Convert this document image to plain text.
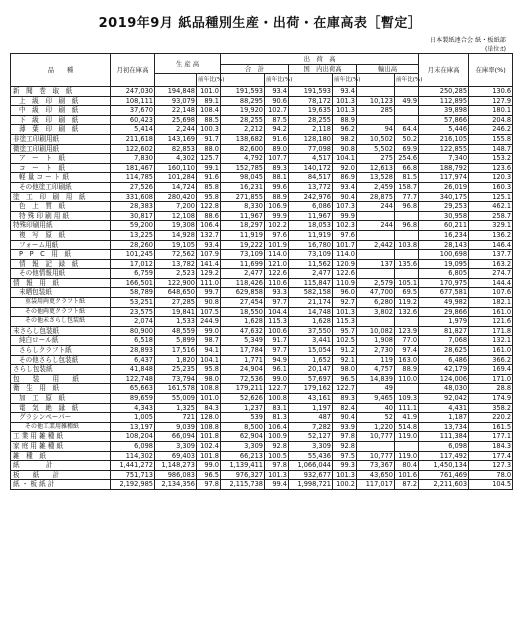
2019年9月 紙品種別生産・出荷・在庫高表［暫定］
日本製紙連合会 紙・板紙部
(単位:t)
品　　種	月初在庫高	生 産 高		出　荷　高						月末在庫高	在庫率(%)
				合　計		国　内出荷高		輸出高			
			前年比(%)		前年比(%)		前年比(%)		前年比(%)		
新　聞　巻　取　紙	247,030	194,848	101.0	191,593	93.4	191,593	93.4			250,285	130.6
上　級　印　刷　紙	108,111	93,079	89.1	88,295	90.6	78,172	101.3	10,123	49.9	112,895	127.9
中　級　印　刷　紙	37,670	22,148	108.4	19,920	102.7	19,635	101.3	285		39,898	180.1
下　級　印　刷　紙	60,423	25,698	88.5	28,255	87.5	28,255	88.9			57,866	204.8
薄　葉　印　刷　紙	5,414	2,244	100.3	2,212	94.2	2,118	96.2	94	64.4	5,446	246.2
非塗工印刷用紙	211,618	143,169	91.7	138,682	91.6	128,180	98.2	10,502	50.2	216,105	155.8
微塗工印刷用紙	122,602	82,853	88.0	82,600	89.0	77,098	90.8	5,502	69.9	122,855	148.7
ア　ー　ト　紙	7,830	4,302	125.7	4,792	107.7	4,517	104.1	275	254.6	7,340	153.2
コ　ー　ト　紙	181,467	160,110	99.1	152,785	89.3	140,172	92.0	12,613	66.8	188,792	123.6
軽 量 コ ー ト 紙	114,785	101,284	91.6	98,045	88.1	84,517	86.9	13,528	81.5	117,974	120.3
その他塗工印刷紙	27,526	14,724	85.8	16,231	99.6	13,772	93.4	2,459	158.7	26,019	160.3
塗　工　印　刷　用　紙	331,608	280,420	95.8	271,855	88.9	242,976	90.4	28,875	77.7	340,175	125.1
色　上　質　紙	28,383	7,200	122.8	8,330	106.9	6,086	107.3	244	96.8	29,253	462.1
特 殊 印 刷 用 紙	30,817	12,108	88.6	11,967	99.9	11,967	99.9			30,958	258.7
特殊印刷用紙	59,200	19,308	106.4	18,297	102.2	18,053	102.3	244	96.8	60,211	329.1
複　写　原　紙	13,225	14,928	132.7	11,919	97.6	11,919	97.6			16,234	136.2
フォーム用紙	28,260	19,105	93.4	19,222	101.9	16,780	101.7	2,442	103.8	28,143	146.4
P　P　C　用　紙	101,245	72,562	107.9	73,109	114.0	73,109	114.0			100,698	137.7
情　報　記　録　紙	17,012	13,782	141.4	11,699	121.0	11,562	120.9	137	135.6	19,095	163.2
その他情報用紙	6,759	2,523	129.2	2,477	122.6	2,477	122.6			6,805	274.7
情　報　用　紙	166,501	122,900	111.0	118,426	110.6	115,847	110.9	2,579	105.1	170,975	144.4
未晒包装紙	58,789	648,650	99.7	629,858	93.3	582,158	96.0	47,700	69.5	677,581	107.6
重袋用両更クラフト紙	53,251	27,285	90.8	27,454	97.7	21,174	92.7	6,280	119.2	49,982	182.1
その他両更クラフト紙	23,575	19,841	107.5	18,550	104.4	14,748	101.3	3,802	132.6	29,866	161.0
その他未さらし包装紙	2,074	1,533	244.9	1,628	115.3	1,628	115.3			1,979	121.6
未さらし包装紙	80,900	48,559	99.0	47,632	100.6	37,550	95.7	10,082	123.9	81,827	171.8
純白ロール紙	6,518	5,899	98.7	5,349	91.7	3,441	102.5	1,908	77.0	7,068	132.1
さらしクラフト紙	28,893	17,516	94.1	17,784	97.7	15,054	91.2	2,730	97.4	28,625	161.0
その他さらし包装紙	6,437	1,820	104.1	1,771	94.9	1,652	92.1	119	163.0	6,486	366.2
さらし包装紙	41,848	25,235	95.8	24,904	96.1	20,147	98.0	4,757	88.9	42,179	169.4
包　　装　　用　　紙	122,748	73,794	98.0	72,536	99.0	57,697	96.5	14,839	110.0	124,006	171.0
衛　生　用　紙	65,663	161,578	108.8	179,211	122.7	179,162	122.7	49		48,030	28.8
加　工　原　紙	89,659	55,009	101.0	52,626	100.8	43,161	89.3	9,465	109.3	92,042	174.9
電　気　絶　縁　紙	4,343	1,325	84.3	1,237	83.1	1,197	82.4	40	111.1	4,431	358.2
グラシンペーパー	1,005	721	128.0	539	81.3	487	90.4	52	41.9	1,187	220.2
その他工業用雑種紙	13,197	9,039	108.8	8,500	106.4	7,282	93.9	1,220	514.8	13,734	161.5
工 業 用 雑 種 紙	108,204	66,094	101.8	62,904	100.9	52,127	97.8	10,777	119.0	111,384	177.1
家 庭 用 雑 種 紙	6,098	3,309	102.4	3,309	92.8	3,309	92.8			6,098	184.3
雑　種　紙	114,302	69,403	101.8	66,213	100.5	55,436	97.5	10,777	119.0	117,492	177.4
紙　　　　計	1,441,272	1,148,273	99.0	1,139,411	97.8	1,066,044	99.3	73,367	80.4	1,450,134	127.3
板　　紙　　計	751,713	986,083	96.5	976,327	101.3	932,677	101.3	43,650	101.6	761,469	78.0
紙 ・ 板 紙 計	2,192,985	2,134,356	97.8	2,115,738	99.4	1,998,721	100.2	117,017	87.2	2,211,603	104.5
